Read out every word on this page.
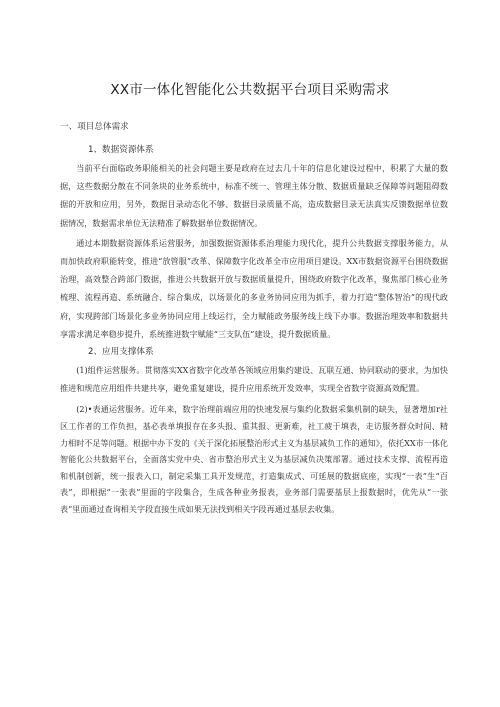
XX市一体化智能化公共数据平台项目采购需求
一、项目总体需求
1、数据资源体系

当前平台面临政务职能相关的社会问题主要是政府在过去几十年的信息化建设过程中，积累了大量的数据，这些数据分散在不同条块的业务系统中，标准不统一、管理主体分散、数据质量缺乏保障等问题阻碍数据的开放和应用，另外，数据目录动态化不够、数据目录质量不高，造成数据目录无法真实反馈数据单位数据情况，数据需求单位无法精准了解数据单位数据情况。

通过本期数据资源体系运营服务，加强数据资源体系治理能力现代化，提升公共数据支撑服务能力，从而加快政府职能转变，推进“放管服”改革、保障数字化改革全市应用项目建设。XX市数据资源平台围绕数据治理，高效整合跨部门数据，推进公共数据开放与数据质量提升，围绕政府数字化改革，聚焦部门核心业务梳理、流程再造、系统融合、综合集成，以场景化的多业务协同应用为抓手，着力打造“整体智治”的现代政府，实现跨部门场景化多业务协同应用上线运行，全力赋能政务服务线上线下办事。数据治理效率和数据共享需求满足率稳步提升，系统推进数字赋能“三支队伍”建设，提升数据质量。

2、应用支撑体系

(1)组件运营服务。贯彻落实XX省数字化改革各领域应用集约建设、瓦联互通、协同联动的要求，为加快推进和规范应用组件共建共享，避免重复建设，提升应用系统开发效率，实现全省数字资源高效配置。

(2)•表通运营服务。近年来，数字治理前端应用的快速发展与集约化数据采集机制的缺失，显著增加r社区工作者的工作负担，基必表单填报存在多头报、重其报、更新难，社工疲于填表，走访服务群众时间、精力相时不足等问题。根据中办下发的《关于深化拓展整治形式主义为基层减负工作的通知》，依托XX市一体化智能化公共数据平台，全面落实党中央、省市整治形式主义为基层减负决策部署。通过技术支撑、流程再造和机制创新，统一报表入口，制定采集工具开发规范，打造集成式、可延展的数据底座，实现“一表”生“百表”，即根据“一张表”里面的字段集合，生成各种业务报表，业务部门需要基层上报数据时，优先从“一张表”里面通过查询相关字段直接生成如果无法找到相关字段再通过基层去收集。
